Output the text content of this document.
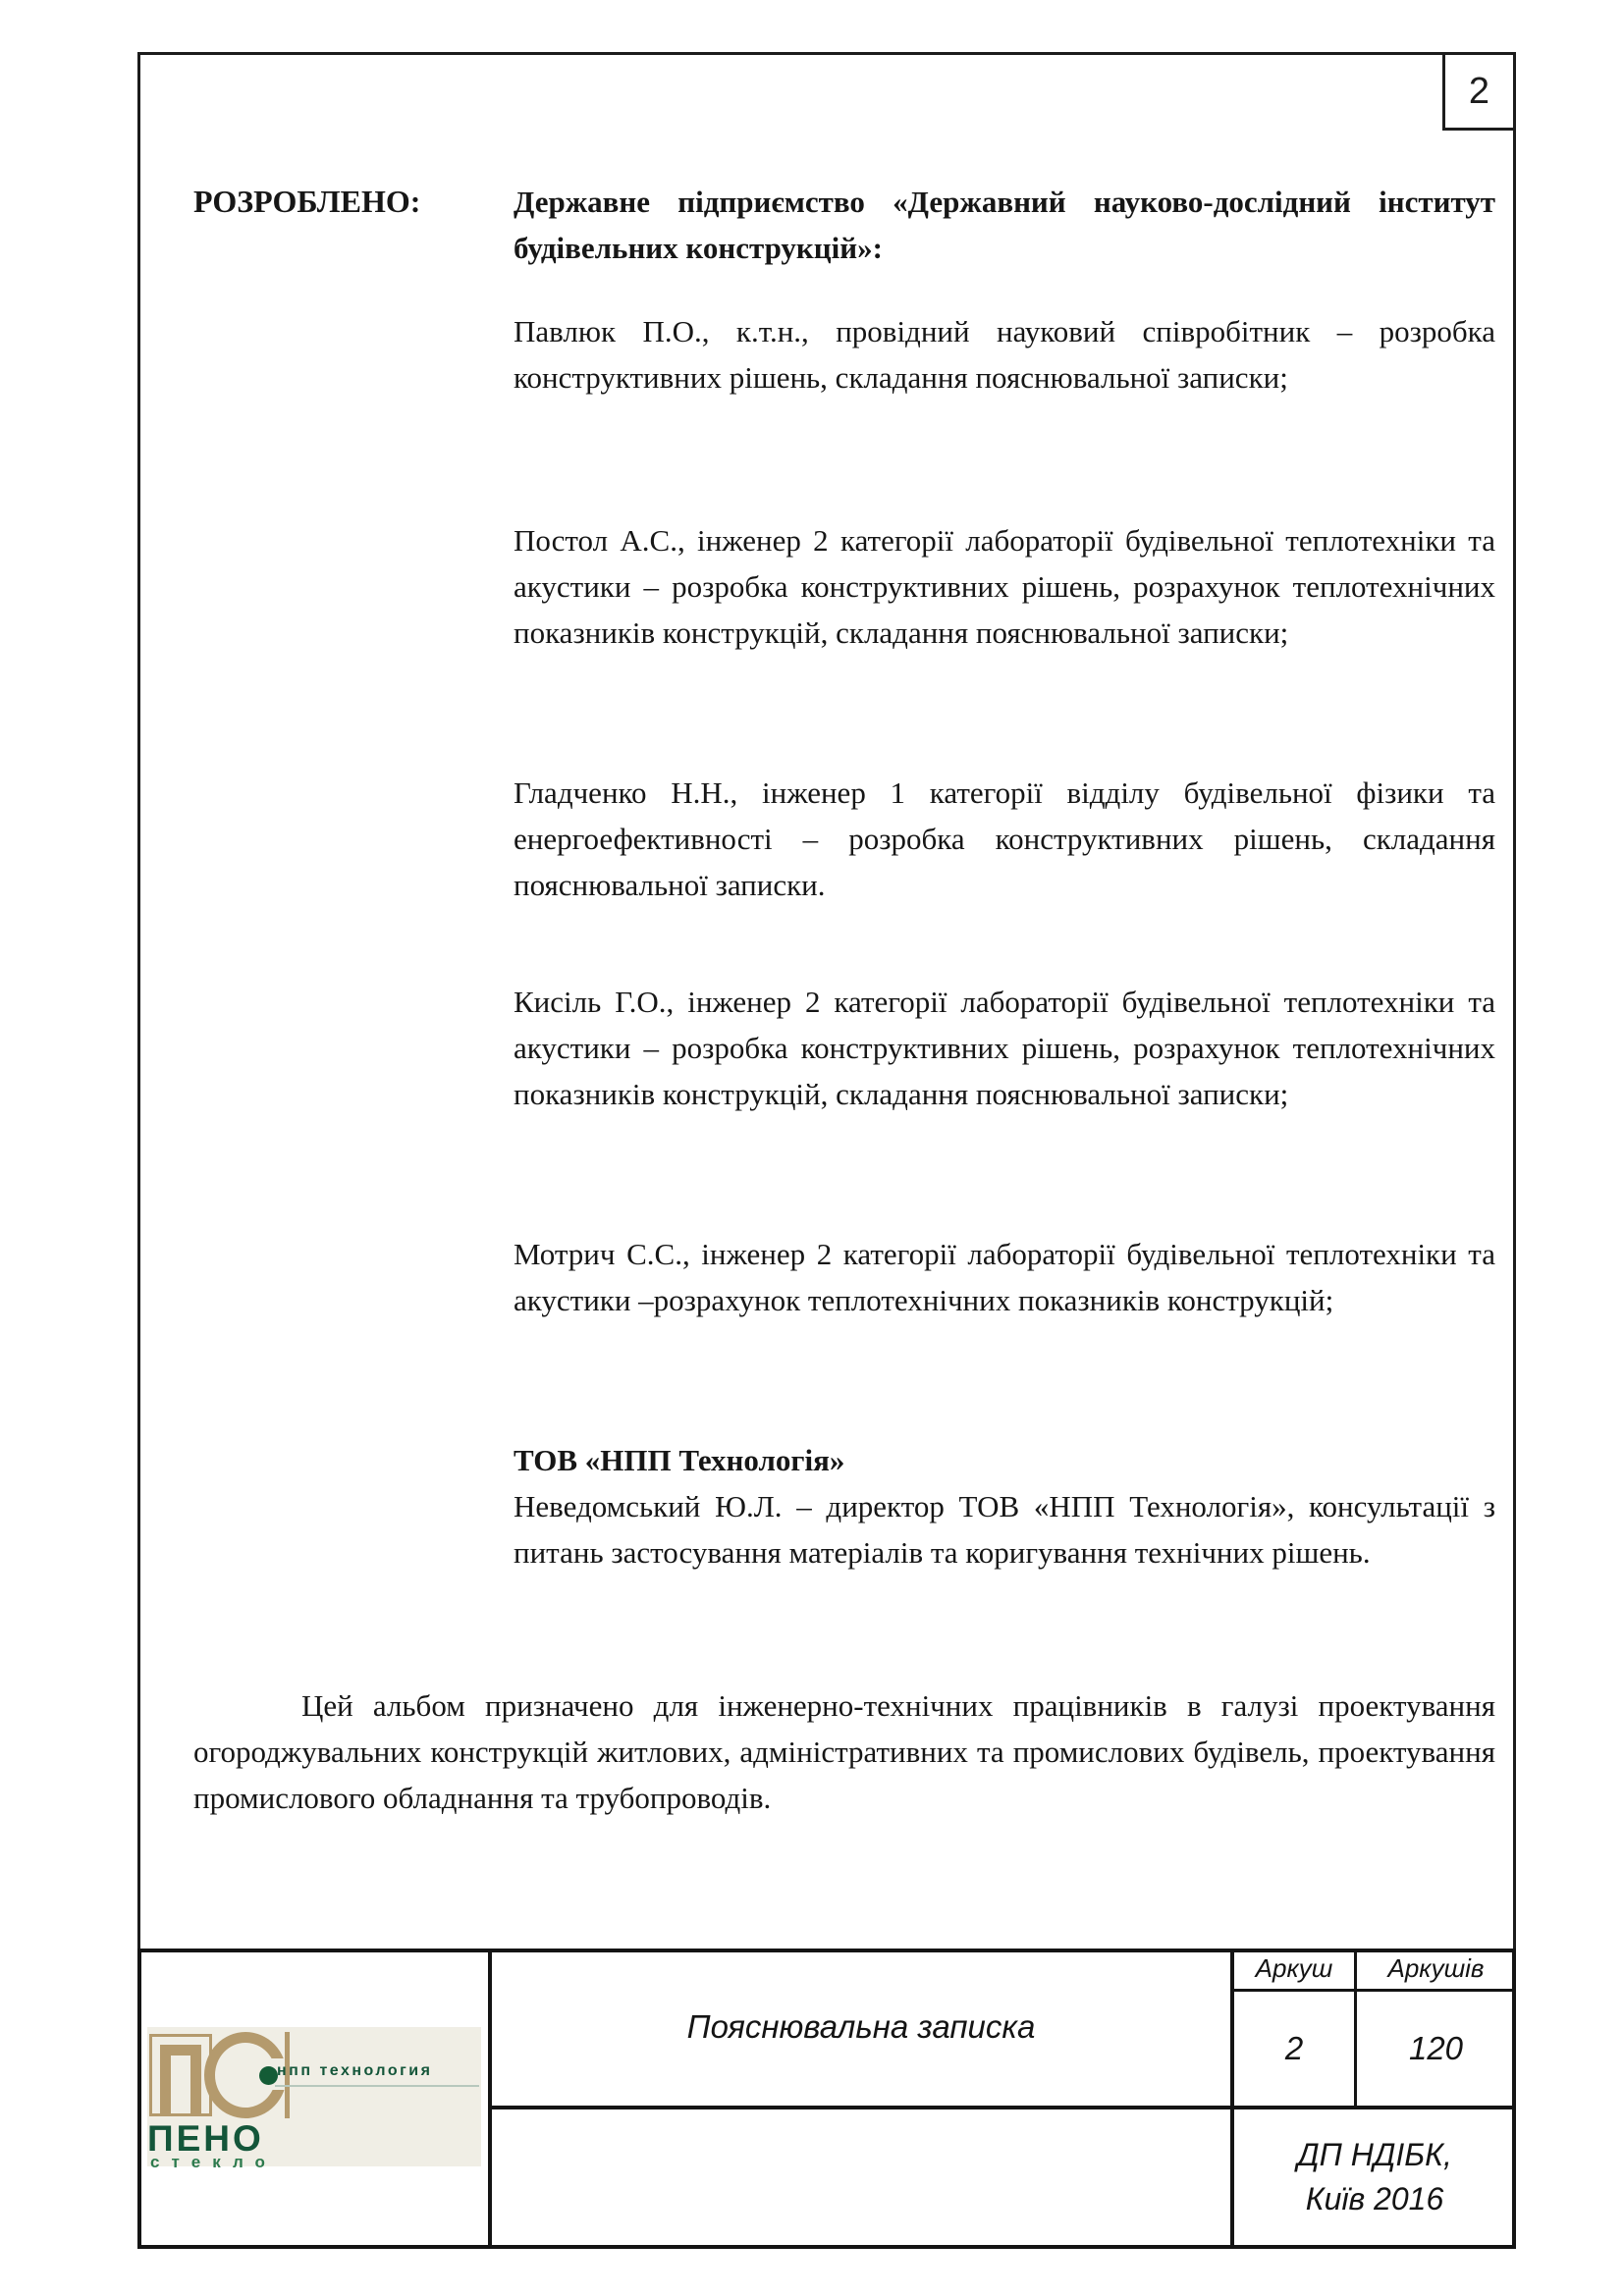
2
РОЗРОБЛЕНО:	Державне підприємство «Державний науково-дослідний інститут будівельних конструкцій»:
Павлюк П.О., к.т.н., провідний науковий співробітник – розробка конструктивних рішень, складання пояснювальної записки;
Постол А.С., інженер 2 категорії лабораторії будівельної теплотехніки та акустики – розробка конструктивних рішень, розрахунок теплотехнічних показників конструкцій, складання пояснювальної записки;
Гладченко Н.Н., інженер 1 категорії відділу будівельної фізики та енергоефективності – розробка конструктивних рішень, складання пояснювальної записки.
Кисіль Г.О., інженер 2 категорії лабораторії будівельної теплотехніки та акустики – розробка конструктивних рішень, розрахунок теплотехнічних показників конструкцій, складання пояснювальної записки;
Мотрич С.С., інженер 2 категорії лабораторії будівельної теплотехніки та акустики –розрахунок теплотехнічних показників конструкцій;
ТОВ «НПП Технологія»
Неведомський Ю.Л. – директор ТОВ «НПП Технологія», консультації з питань застосування матеріалів та коригування технічних рішень.
Цей альбом призначено для інженерно-технічних працівників в галузі проектування огороджувальних конструкцій житлових, адміністративних та промислових будівель, проектування промислового обладнання та трубопроводів.
Пояснювальна записка
Аркуш	Аркушів
2	120
ДП НДІБК,
Київ 2016
нпп технология
ПЕНО
стекло
